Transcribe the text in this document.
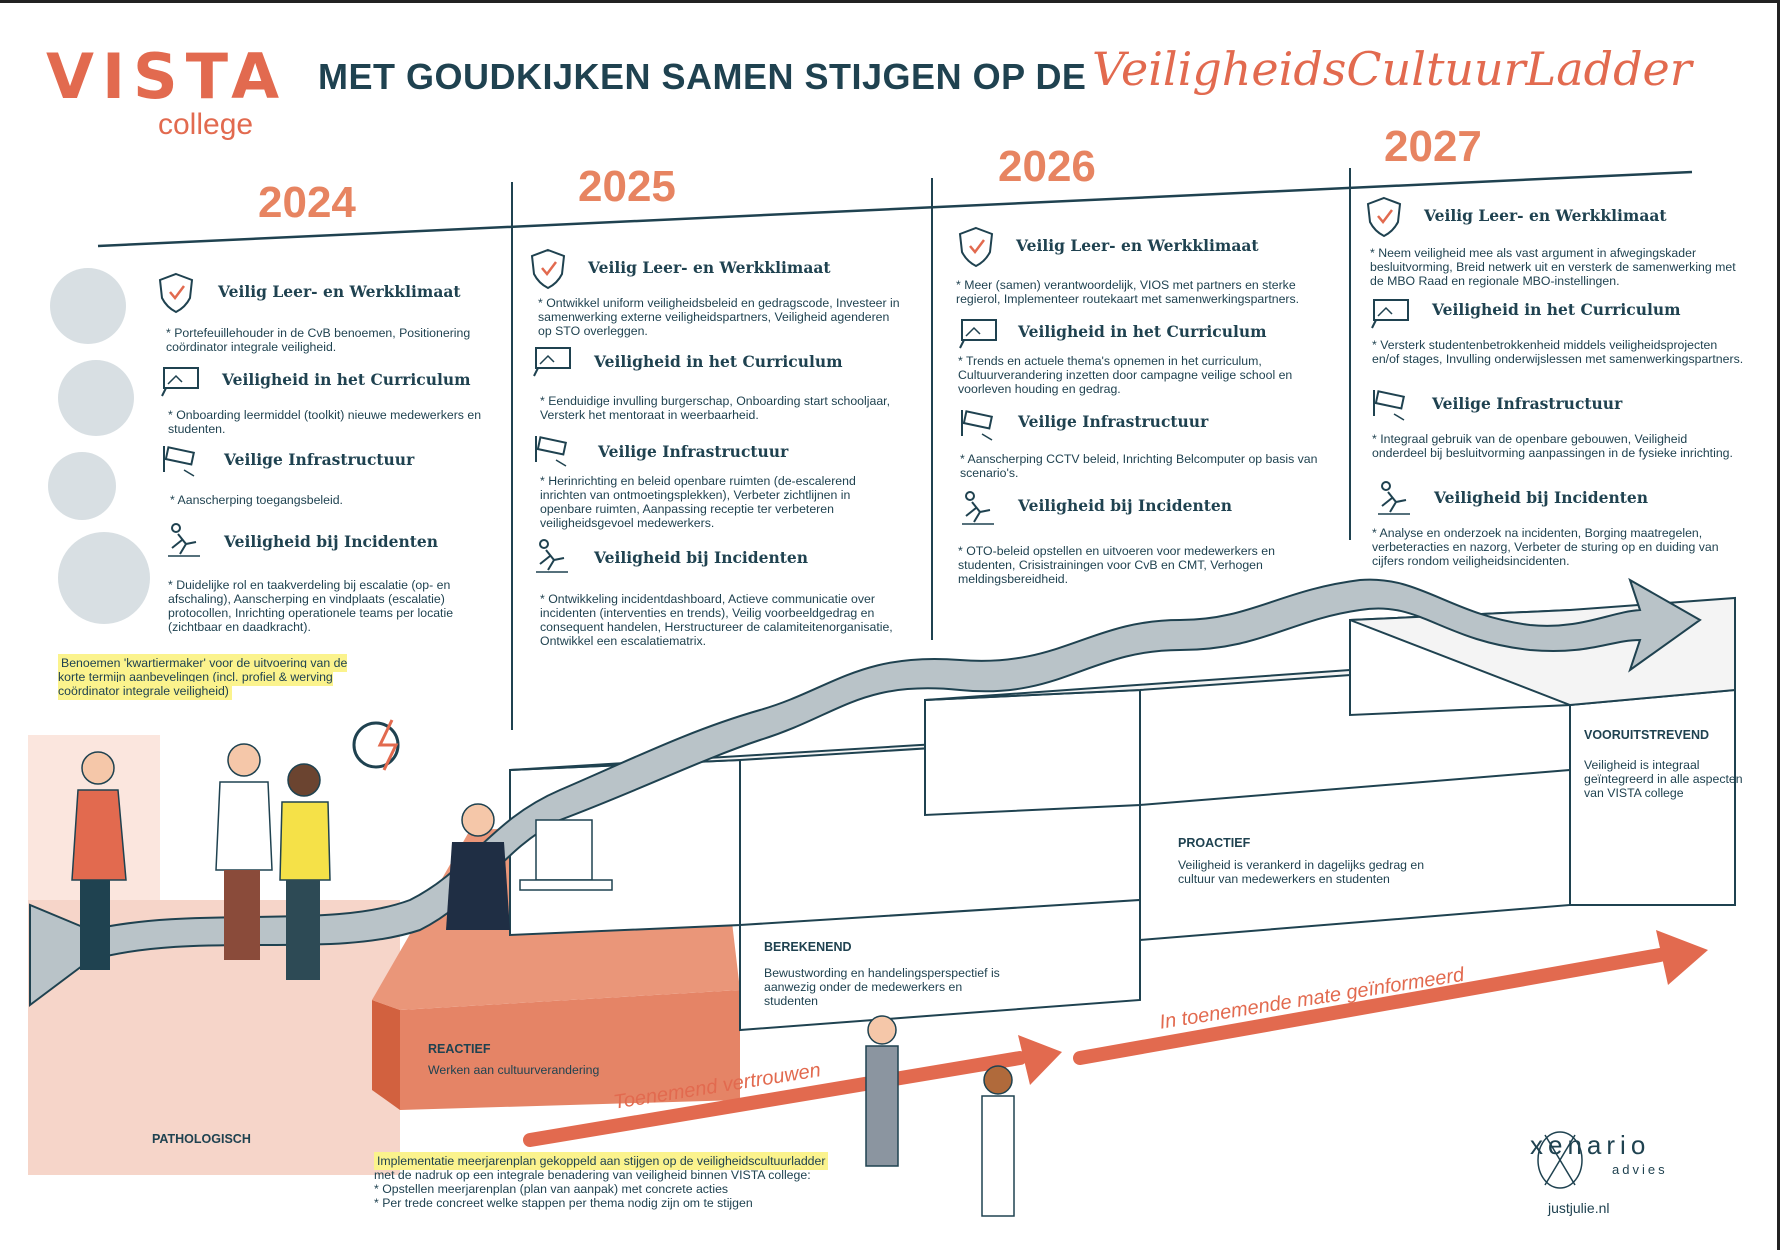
VISTA
college
MET GOUDKIJKEN SAMEN STIJGEN OP DE VeiligheidsCultuurLadder
2024	2025	2026	2027
Veilig Leer- en Werkklimaat
* Portefeuillehouder in de CvB benoemen, Positionering coördinator integrale veiligheid.
Veiligheid in het Curriculum
* Onboarding leermiddel (toolkit) nieuwe medewerkers en studenten.
Veilige Infrastructuur
* Aanscherping toegangsbeleid.
Veiligheid bij Incidenten
* Duidelijke rol en taakverdeling bij escalatie (op- en afschaling), Aanscherping en vindplaats (escalatie) protocollen, Inrichting operationele teams per locatie (zichtbaar en daadkracht).
Benoemen 'kwartiermaker' voor de uitvoering van de korte termijn aanbevelingen (incl. profiel & werving coördinator integrale veiligheid)
Veilig Leer- en Werkklimaat
* Ontwikkel uniform veiligheidsbeleid en gedragscode, Investeer in samenwerking externe veiligheidspartners, Veiligheid agenderen op STO overleggen.
Veiligheid in het Curriculum
* Eenduidige invulling burgerschap, Onboarding start schooljaar, Versterk het mentoraat in weerbaarheid.
Veilige Infrastructuur
* Herinrichting en beleid openbare ruimten (de-escalerend inrichten van ontmoetingsplekken), Verbeter zichtlijnen in openbare ruimten, Aanpassing receptie ter verbeteren veiligheidsgevoel medewerkers.
Veiligheid bij Incidenten
* Ontwikkeling incidentdashboard, Actieve communicatie over incidenten (interventies en trends), Veilig voorbeeldgedrag en consequent handelen, Herstructureer de calamiteitenorganisatie, Ontwikkel een escalatiematrix.
Veilig Leer- en Werkklimaat
* Meer (samen) verantwoordelijk, VIOS met partners en sterke regierol, Implementeer routekaart met samenwerkingspartners.
Veiligheid in het Curriculum
* Trends en actuele thema's opnemen in het curriculum, Cultuurverandering inzetten door campagne veilige school en voorleven houding en gedrag.
Veilige Infrastructuur
* Aanscherping CCTV beleid, Inrichting Belcomputer op basis van scenario's.
Veiligheid bij Incidenten
* OTO-beleid opstellen en uitvoeren voor medewerkers en studenten, Crisistrainingen voor CvB en CMT, Verhogen meldingsbereidheid.
Veilig Leer- en Werkklimaat
* Neem veiligheid mee als vast argument in afwegingskader besluitvorming, Breid netwerk uit en versterk de samenwerking met de MBO Raad en regionale MBO-instellingen.
Veiligheid in het Curriculum
* Versterk studentenbetrokkenheid middels veiligheidsprojecten en/of stages, Invulling onderwijslessen met samenwerkingspartners.
Veilige Infrastructuur
* Integraal gebruik van de openbare gebouwen, Veiligheid onderdeel bij besluitvorming aanpassingen in de fysieke inrichting.
Veiligheid bij Incidenten
* Analyse en onderzoek na incidenten, Borging maatregelen, verbeteracties en nazorg, Verbeter de sturing op en duiding van cijfers rondom veiligheidsincidenten.
PATHOLOGISCH
REACTIEF
Werken aan cultuurverandering
BEREKENEND
Bewustwording en handelingsperspectief is aanwezig onder de medewerkers en studenten
PROACTIEF
Veiligheid is verankerd in dagelijks gedrag en cultuur van medewerkers en studenten
VOORUITSTREVEND
Veiligheid is integraal geïntegreerd in alle aspecten van VISTA college
Toenemend vertrouwen
In toenemende mate geïnformeerd
Implementatie meerjarenplan gekoppeld aan stijgen op de veiligheidscultuurladder
met de nadruk op een integrale benadering van veiligheid binnen VISTA college:
* Opstellen meerjarenplan (plan van aanpak) met concrete acties
* Per trede concreet welke stappen per thema nodig zijn om te stijgen
xenario
advies
justjulie.nl
